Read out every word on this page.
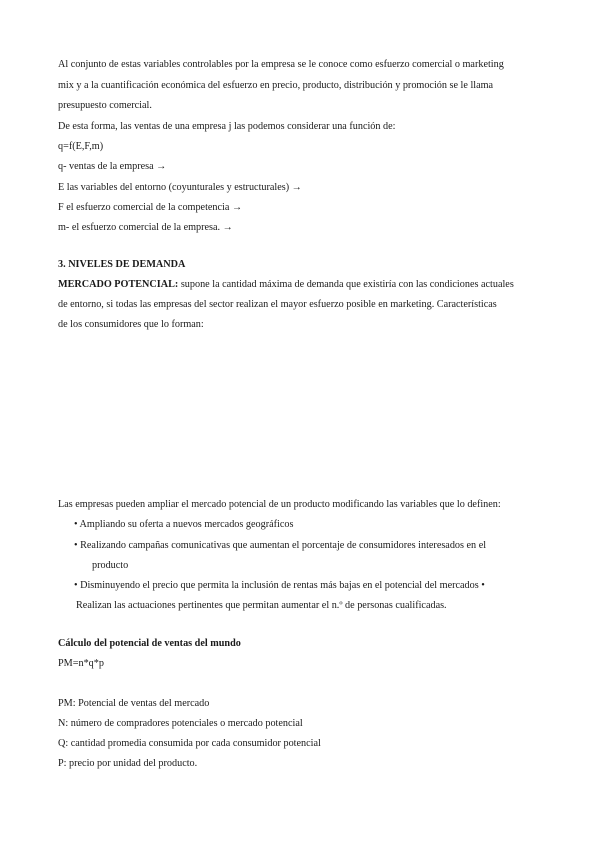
Al conjunto de estas variables controlables por la empresa se le conoce como esfuerzo comercial o marketing
mix y a la cuantificación económica del esfuerzo en precio, producto, distribución y promoción se le llama
presupuesto comercial.
De esta forma, las ventas de una empresa j las podemos considerar una función de:
q=f(E,F,m)
q- ventas de la empresa →
E las variables del entorno (coyunturales y estructurales) →
F el esfuerzo comercial de la competencia →
m- el esfuerzo comercial de la empresa. →
3. NIVELES DE DEMANDA
MERCADO POTENCIAL: supone la cantidad máxima de demanda que existiría con las condiciones actuales
de entorno, si todas las empresas del sector realizan el mayor esfuerzo posible en marketing. Características
de los consumidores que lo forman:
Las empresas pueden ampliar el mercado potencial de un producto modificando las variables que lo definen:
• Ampliando su oferta a nuevos mercados geográficos
• Realizando campañas comunicativas que aumentan el porcentaje de consumidores interesados en el
producto
• Disminuyendo el precio que permita la inclusión de rentas más bajas en el potencial del mercados •
Realizan las actuaciones pertinentes que permitan aumentar el n.º de personas cualificadas.
Cálculo del potencial de ventas del mundo
PM=n*q*p
PM: Potencial de ventas del mercado
N: número de compradores potenciales o mercado potencial
Q: cantidad promedia consumida por cada consumidor potencial
P: precio por unidad del producto.
